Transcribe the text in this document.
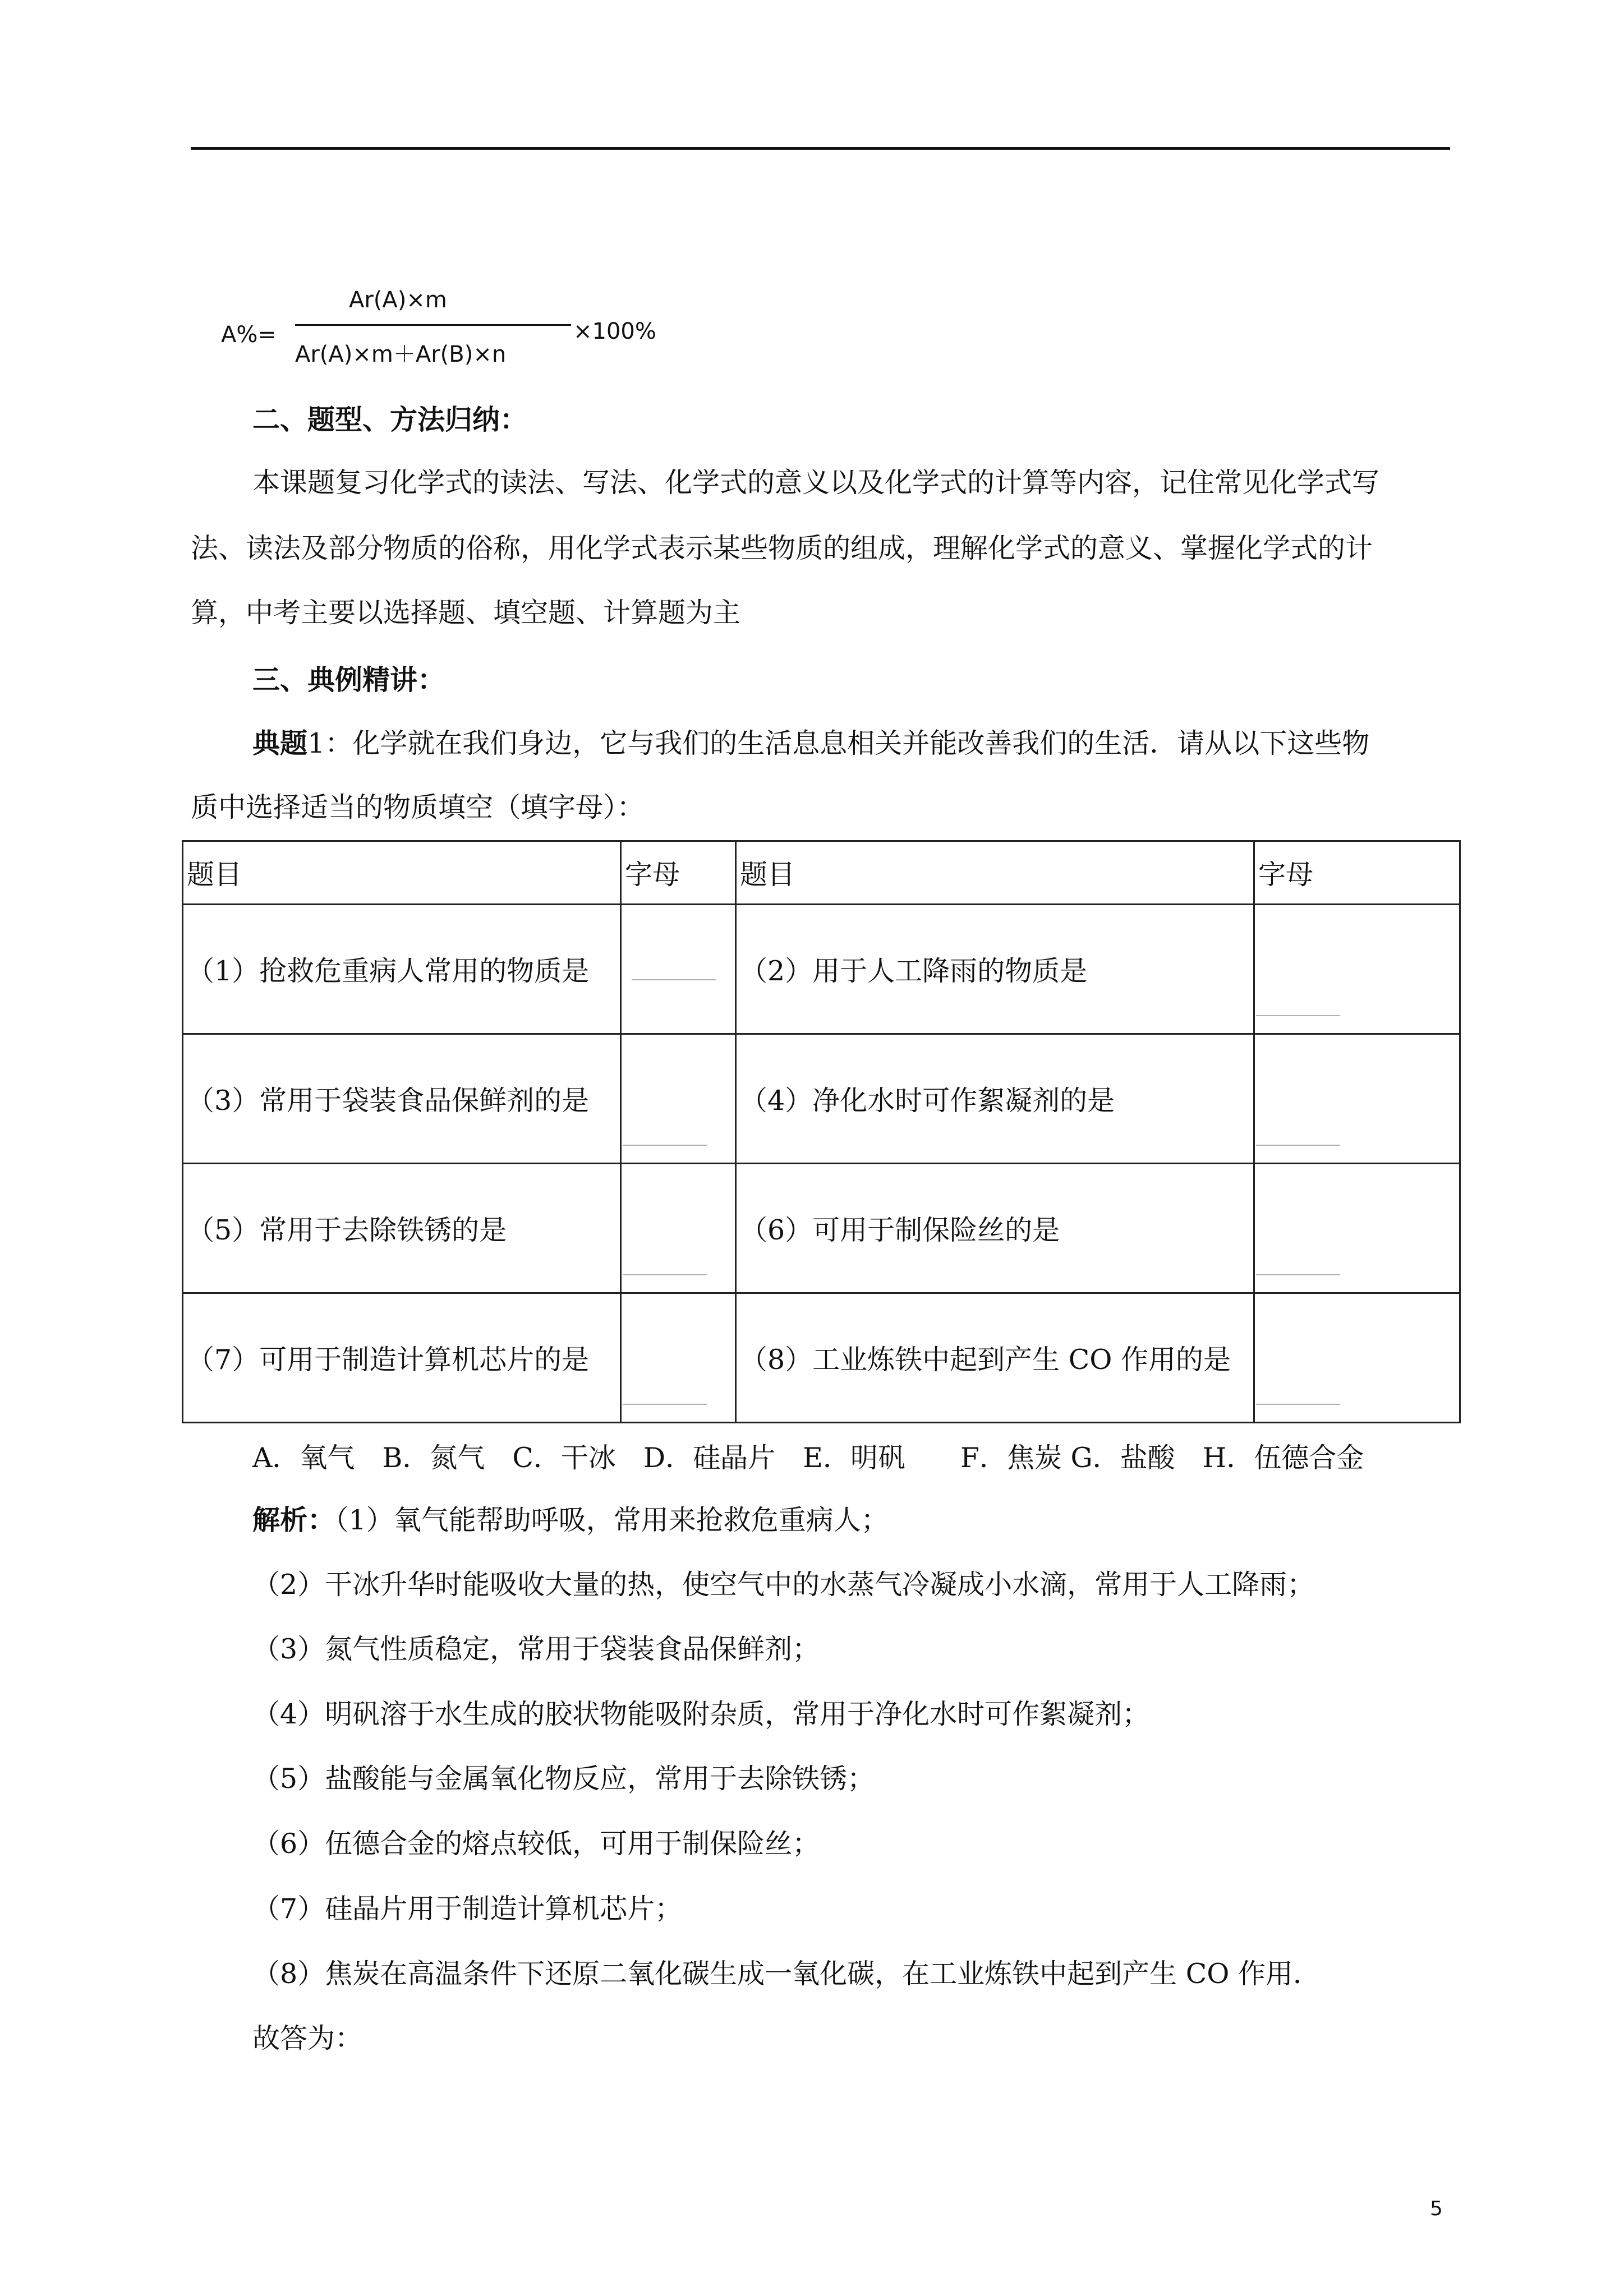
A%=
Ar(A)×m
Ar(A)×m＋Ar(B)×n
×100%
二、题型、方法归纳：
本课题复习化学式的读法、写法、化学式的意义以及化学式的计算等内容，记住常见化学式写
法、读法及部分物质的俗称，用化学式表示某些物质的组成，理解化学式的意义、掌握化学式的计
算，中考主要以选择题、填空题、计算题为主
三、典例精讲：
典题1：化学就在我们身边，它与我们的生活息息相关并能改善我们的生活．请从以下这些物
质中选择适当的物质填空（填字母）：
题目	字母	题目	字母
（1）抢救危重病人常用的物质是		（2）用于人工降雨的物质是	

（3）常用于袋装食品保鲜剂的是		（4）净化水时可作絮凝剂的是	

（5）常用于去除铁锈的是		（6）可用于制保险丝的是	

（7）可用于制造计算机芯片的是		（8）工业炼铁中起到产生 CO 作用的是	
A．氧气　B．氮气　C．干冰　D．硅晶片　E．明矾　　F．焦炭 G．盐酸　H．伍德合金
解析：（1）氧气能帮助呼吸，常用来抢救危重病人；
（2）干冰升华时能吸收大量的热，使空气中的水蒸气冷凝成小水滴，常用于人工降雨；
（3）氮气性质稳定，常用于袋装食品保鲜剂；
（4）明矾溶于水生成的胶状物能吸附杂质，常用于净化水时可作絮凝剂；
（5）盐酸能与金属氧化物反应，常用于去除铁锈；
（6）伍德合金的熔点较低，可用于制保险丝；
（7）硅晶片用于制造计算机芯片；
（8）焦炭在高温条件下还原二氧化碳生成一氧化碳，在工业炼铁中起到产生 CO 作用．
故答为：
5
